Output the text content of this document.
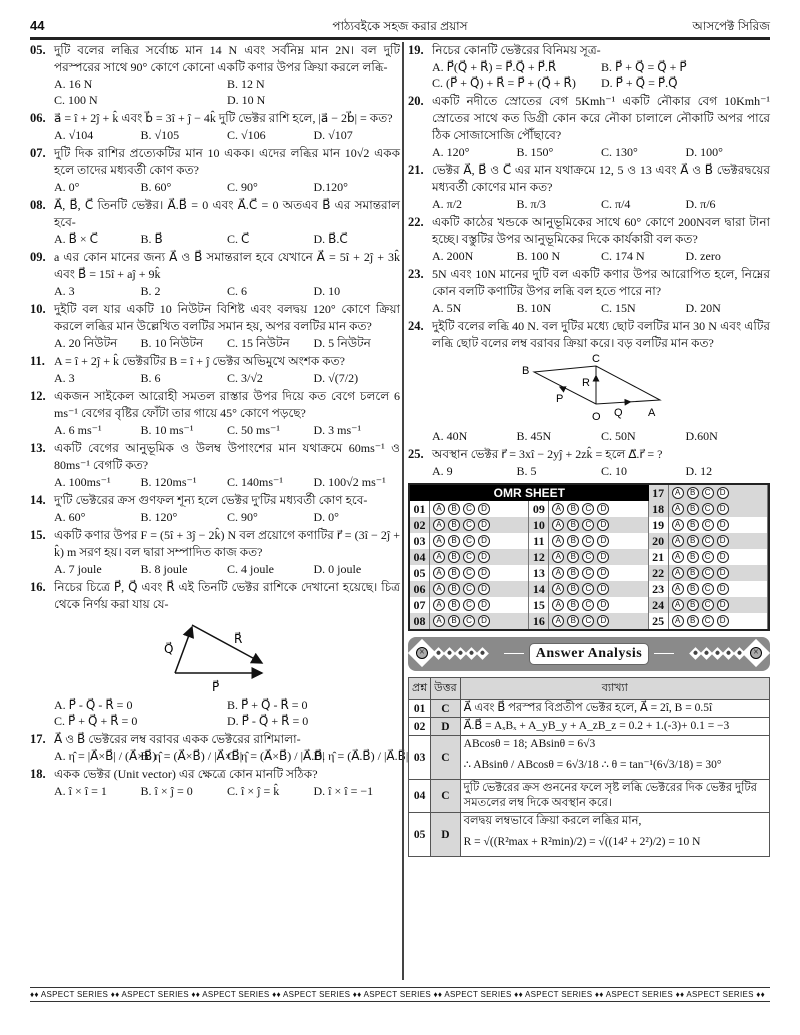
44	পাঠ্যবইকে সহজ করার প্রয়াস	আসপেক্ট সিরিজ
05. দুটি বলের লব্ধির সর্বোচ্চ মান 14 N এবং সর্বনিম্ন মান 2N। বল দুটি পরস্পরের সাথে 90° কোণে কোনো একটি কণার উপর ক্রিয়া করলে লব্ধি-
A. 16 N	B. 12 N
C. 100 N	D. 10 N
06. a⃗ = î + 2ĵ + k̂ এবং b⃗ = 3î + ĵ − 4k̂ দুটি ভেক্টর রাশি হলে, |a⃗ − 2b⃗| = কত?
A. √104	B. √105	C. √106	D. √107
07. দুটি দিক রাশির প্রত্যেকটির মান 10 একক। এদের লব্ধির মান 10√2 একক হলে তাদের মধ্যবর্তী কোণ কত?
A. 0°	B. 60°	C. 90°	D.120°
08. A⃗, B⃗, C⃗ তিনটি ভেক্টর। A⃗.B⃗ = 0 এবং A⃗.C⃗ = 0 অতএব B⃗ এর সমান্তরাল হবে-
A. B⃗ × C⃗	B. B⃗	C. C⃗	D. B⃗.C⃗
09. a এর কোন মানের জন্য A⃗ ও B⃗ সমান্তরাল হবে যেখানে A⃗ = 5î + 2ĵ + 3k̂ এবং B⃗ = 15î + aĵ + 9k̂
A. 3	B. 2	C. 6	D. 10
10. দুইটি বল যার একটি 10 নিউটন বিশিষ্ট এবং বলদ্বয় 120° কোণে ক্রিয়া করলে লব্ধির মান উল্লেখিত বলটির সমান হয়, অপর বলটির মান কত?
A. 20 নিউটন	B. 10 নিউটন	C. 15 নিউটন	D. 5 নিউটন
11. A = î + 2ĵ + k̂ ভেক্টরটির B = î + ĵ ভেক্টর অভিমুখে অংশক কত?
A. 3	B. 6	C. 3/√2	D. √(7/2)
12. একজন সাইকেল আরোহী সমতল রাস্তার উপর দিয়ে কত বেগে চললে 6 ms⁻¹ বেগের বৃষ্টির ফোঁটা তার গায়ে 45° কোণে পড়ছে?
A. 6 ms⁻¹	B. 10 ms⁻¹	C. 50 ms⁻¹	D. 3 ms⁻¹
13. একটি বেগের আনুভূমিক ও উলম্ব উপাংশের মান যথাক্রমে 60ms⁻¹ ও 80ms⁻¹ বেগটি কত?
A. 100ms⁻¹	B. 120ms⁻¹	C. 140ms⁻¹	D. 100√2 ms⁻¹
14. দু'টি ভেক্টরের ক্রস গুণফল শূন্য হলে ভেক্টর দু'টির মধ্যবর্তী কোণ হবে-
A. 60°	B. 120°	C. 90°	D. 0°
15. একটি কণার উপর F = (5î + 3ĵ − 2k̂) N বল প্রয়োগে কণাটির r⃗ = (3î − 2ĵ + k̂) m সরণ হয়। বল দ্বারা সম্পাদিত কাজ কত?
A. 7 joule	B. 8 joule	C. 4 joule	D. 0 joule
16. নিচের চিত্রে P⃗, Q⃗ এবং R⃗ এই তিনটি ভেক্টর রাশিকে দেখানো হয়েছে। চিত্র থেকে নির্ণয় করা যায় যে-
Q⃗
R⃗
P⃗
A. P⃗ - Q⃗ - R⃗ = 0	B. P⃗ + Q⃗ - R⃗ = 0
C. P⃗ + Q⃗ + R⃗ = 0	D. P⃗ - Q⃗ + R⃗ = 0
17. A⃗ ও B⃗ ভেক্টরের লম্ব বরাবর একক ভেক্টরের রাশিমালা-
A. η̂ = |A⃗×B⃗| / (A⃗×B⃗)
B. η̂ = (A⃗×B⃗) / |A⃗×B⃗|
C. η̂ = (A⃗×B⃗) / |A⃗.B⃗|
D. η̂ = (A⃗.B⃗) / |A⃗.B⃗|
18. একক ভেক্টর (Unit vector) এর ক্ষেত্রে কোন মানটি সঠিক?
A. î × î = 1	B. î × ĵ = 0	C. î × ĵ = k̂	D. î × î = −1
19. নিচের কোনটি ভেক্টরের বিনিময় সূত্র-
A. P⃗(Q⃗ + R⃗) = P⃗.Q⃗ + P⃗.R⃗	B. P⃗ + Q⃗ = Q⃗ + P⃗
C. (P⃗ + Q⃗) + R⃗ = P⃗ + (Q⃗ + R⃗)	D. P⃗ + Q⃗ = P⃗.Q⃗
20. একটি নদীতে স্রোতের বেগ 5Kmh⁻¹ একটি নৌকার বেগ 10Kmh⁻¹ স্রোতের সাথে কত ডিগ্রী কোন করে নৌকা চালালে নৌকাটি অপর পারে ঠিক সোজাসোজি পৌঁছাবে?
A. 120°	B. 150°	C. 130°	D. 100°
21. ভেক্টর A⃗, B⃗ ও C⃗ এর মান যথাক্রমে 12, 5 ও 13 এবং A⃗ ও B⃗ ভেক্টরদ্বয়ের মধ্যবর্তী কোণের মান কত?
A. π/2	B. π/3	C. π/4	D. π/6
22. একটি কাঠের খন্ডকে আনুভূমিকের সাথে 60° কোণে 200Nবল দ্বারা টানা হচ্ছে। বস্তুটির উপর আনুভূমিকের দিকে কার্যকারী বল কত?
A. 200N	B. 100 N	C. 174 N	D. zero
23. 5N এবং 10N মানের দুটি বল একটি কণার উপর আরোপিত হলে, নিম্নের কোন বলটি কণাটির উপর লব্ধি বল হতে পারে না?
A. 5N	B. 10N	C. 15N	D. 20N
24. দুইটি বলের লব্ধি 40 N. বল দুটির মধ্যে ছোট বলটির মান 30 N এবং এটির লব্ধি ছোট বলের লম্ব বরাবর ক্রিয়া করে। বড় বলটির মান কত?
B
C
R
P
O Q A
A. 40N	B. 45N	C. 50N	D.60N
25. অবস্থান ভেক্টর r⃗ = 3xî − 2yĵ + 2zk̂ = হলে ∆⃗.r⃗ = ?
A. 9	B. 5	C. 10	D. 12
OMR SHEET	17	A	B	C	D
01	A	B	C	D	09	A	B	C	D	18	A	B	C	D
02	A	B	C	D	10	A	B	C	D	19	A	B	C	D
03	A	B	C	D	11	A	B	C	D	20	A	B	C	D
04	A	B	C	D	12	A	B	C	D	21	A	B	C	D
05	A	B	C	D	13	A	B	C	D	22	A	B	C	D
06	A	B	C	D	14	A	B	C	D	23	A	B	C	D
07	A	B	C	D	15	A	B	C	D	24	A	B	C	D
08	A	B	C	D	16	A	B	C	D	25	A	B	C	D
×	Answer Analysis	×
প্রশ্ন	উত্তর	ব্যাখ্যা
01	C	A⃗ এবং B⃗ পরস্পর বিপ্রতীপ ভেক্টর হলে, A⃗ = 2î, B = 0.5î

02	D	A⃗.B⃗ = AₓBₓ + A_yB_y + A_zB_z = 0.2 + 1.(-3)+ 0.1 = −3

03	C	ABcosθ = 18; ABsinθ = 6√3
∴ ABsinθ / ABcosθ = 6√3/18 ∴ θ = tan⁻¹(6√3/18) = 30°

04	C	দুটি ভেক্টরের ক্রস গুননের ফলে সৃষ্ট লব্ধি ভেক্টরের দিক ভেক্টর দুটির সমতলের লম্ব দিকে অবস্থান করে।

05	D	বলদ্বয় লম্বভাবে ক্রিয়া করলে লব্ধির মান,
R = √((R²max + R²min)/2) = √((14² + 2²)/2) = 10 N
♦♦ ASPECT SERIES ♦♦ ASPECT SERIES ♦♦ ASPECT SERIES ♦♦ ASPECT SERIES ♦♦ ASPECT SERIES ♦♦ ASPECT SERIES ♦♦ ASPECT SERIES ♦♦ ASPECT SERIES ♦♦ ASPECT SERIES ♦♦
